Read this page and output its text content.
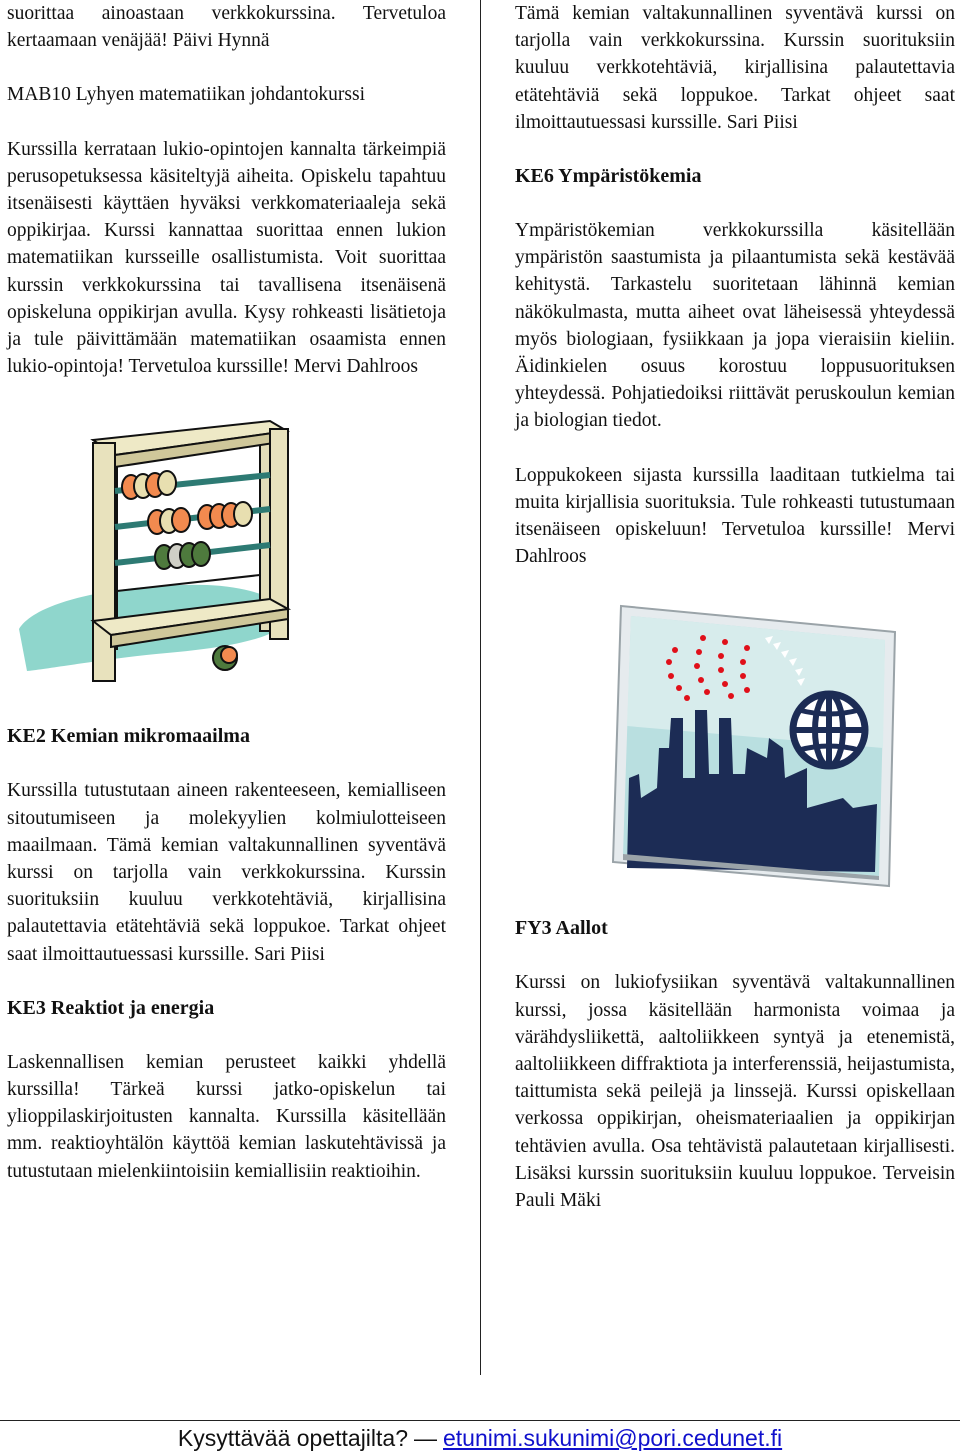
suorittaa ainoastaan verkkokurssina. Tervetuloa kertaamaan venäjää! Päivi Hynnä

MAB10 Lyhyen matematiikan johdantokurssi

Kurssilla kerrataan lukio-opintojen kannalta tärkeimpiä perusopetuksessa käsiteltyjä aiheita. Opiskelu tapahtuu itsenäisesti käyttäen hyväksi verkkomateriaaleja sekä oppikirjaa. Kurssi kannattaa suorittaa ennen lukion matematiikan kursseille osallistumista. Voit suorittaa kurssin verkkokurssina tai tavallisena itsenäisenä opiskeluna oppikirjan avulla. Kysy rohkeasti lisätietoja ja tule päivittämään matematiikan osaamista ennen lukio-opintoja! Tervetuloa kurssille! Mervi Dahlroos

KE2 Kemian mikromaailma

Kurssilla tutustutaan aineen rakenteeseen, kemialliseen sitoutumiseen ja molekyylien kolmiulotteiseen maailmaan. Tämä kemian valtakunnallinen syventävä kurssi on tarjolla vain verkkokurssina. Kurssin suorituksiin kuuluu verkkotehtäviä, kirjallisina palautettavia etätehtäviä sekä loppukoe. Tarkat ohjeet saat ilmoittautuessasi kurssille. Sari Piisi

KE3 Reaktiot ja energia

Laskennallisen kemian perusteet kaikki yhdellä kurssilla! Tärkeä kurssi jatko-opiskelun tai ylioppilaskirjoitusten kannalta. Kurssilla käsitellään mm. reaktioyhtälön käyttöä kemian laskutehtävissä ja tutustutaan mielenkiintoisiin kemiallisiin reaktioihin.

Tämä kemian valtakunnallinen syventävä kurssi on tarjolla vain verkkokurssina. Kurssin suorituksiin kuuluu verkkotehtäviä, kirjallisina palautettavia etätehtäviä sekä loppukoe. Tarkat ohjeet saat ilmoittautuessasi kurssille. Sari Piisi

KE6 Ympäristökemia

Ympäristökemian verkkokurssilla käsitellään ympäristön saastumista ja pilaantumista sekä kestävää kehitystä. Tarkastelu suoritetaan lähinnä kemian näkökulmasta, mutta aiheet ovat läheisessä yhteydessä myös biologiaan, fysiikkaan ja jopa vieraisiin kieliin. Äidinkielen osuus korostuu loppusuorituksen yhteydessä. Pohjatiedoiksi riittävät peruskoulun kemian ja biologian tiedot.

Loppukokeen sijasta kurssilla laaditaan tutkielma tai muita kirjallisia suorituksia. Tule rohkeasti tutustumaan itsenäiseen opiskeluun! Tervetuloa kurssille! Mervi Dahlroos

FY3 Aallot

Kurssi on lukiofysiikan syventävä valtakunnallinen kurssi, jossa käsitellään harmonista voimaa ja värähdysliikettä, aaltoliikkeen syntyä ja etenemistä, aaltoliikkeen diffraktiota ja interferenssiä, heijastumista, taittumista sekä peilejä ja linssejä. Kurssi opiskellaan verkossa oppikirjan, oheismateriaalien ja oppikirjan tehtävien avulla. Osa tehtävistä palautetaan kirjallisesti. Lisäksi kurssin suorituksiin kuuluu loppukoe. Terveisin Pauli Mäki

Kysyttävää opettajilta? — etunimi.sukunimi@pori.cedunet.fi
